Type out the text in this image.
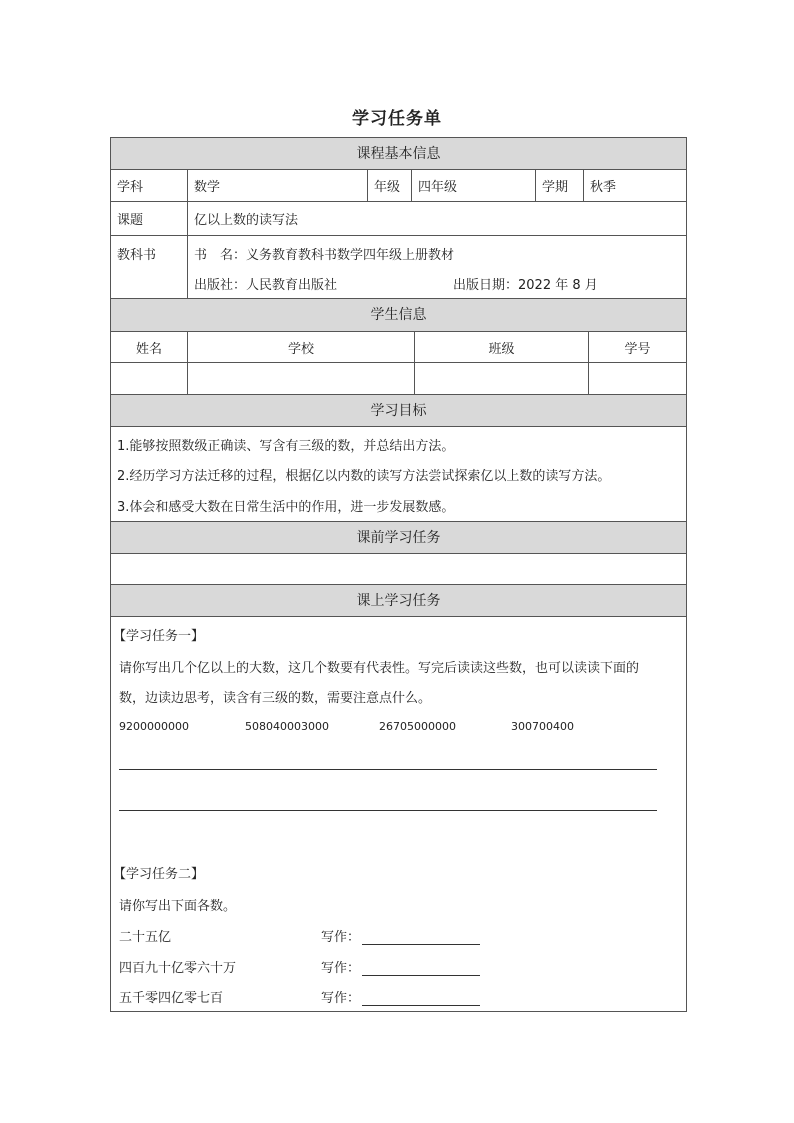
学习任务单
课程基本信息
学科	数学	年级	四年级	学期	秋季
课题	亿以上数的读写法
教科书	书　名：义务教育教科书数学四年级上册教材
出版社：人民教育出版社	出版日期：2022 年 8 月
学生信息
姓名	学校	班级	学号
学习目标
1.能够按照数级正确读、写含有三级的数，并总结出方法。
2.经历学习方法迁移的过程，根据亿以内数的读写方法尝试探索亿以上数的读写方法。
3.体会和感受大数在日常生活中的作用，进一步发展数感。
课前学习任务
课上学习任务
【学习任务一】
请你写出几个亿以上的大数，这几个数要有代表性。写完后读读这些数，也可以读读下面的
数，边读边思考，读含有三级的数，需要注意点什么。
9200000000	508040003000	26705000000	300700400
【学习任务二】
请你写出下面各数。
二十五亿	写作：
四百九十亿零六十万	写作：
五千零四亿零七百	写作：
